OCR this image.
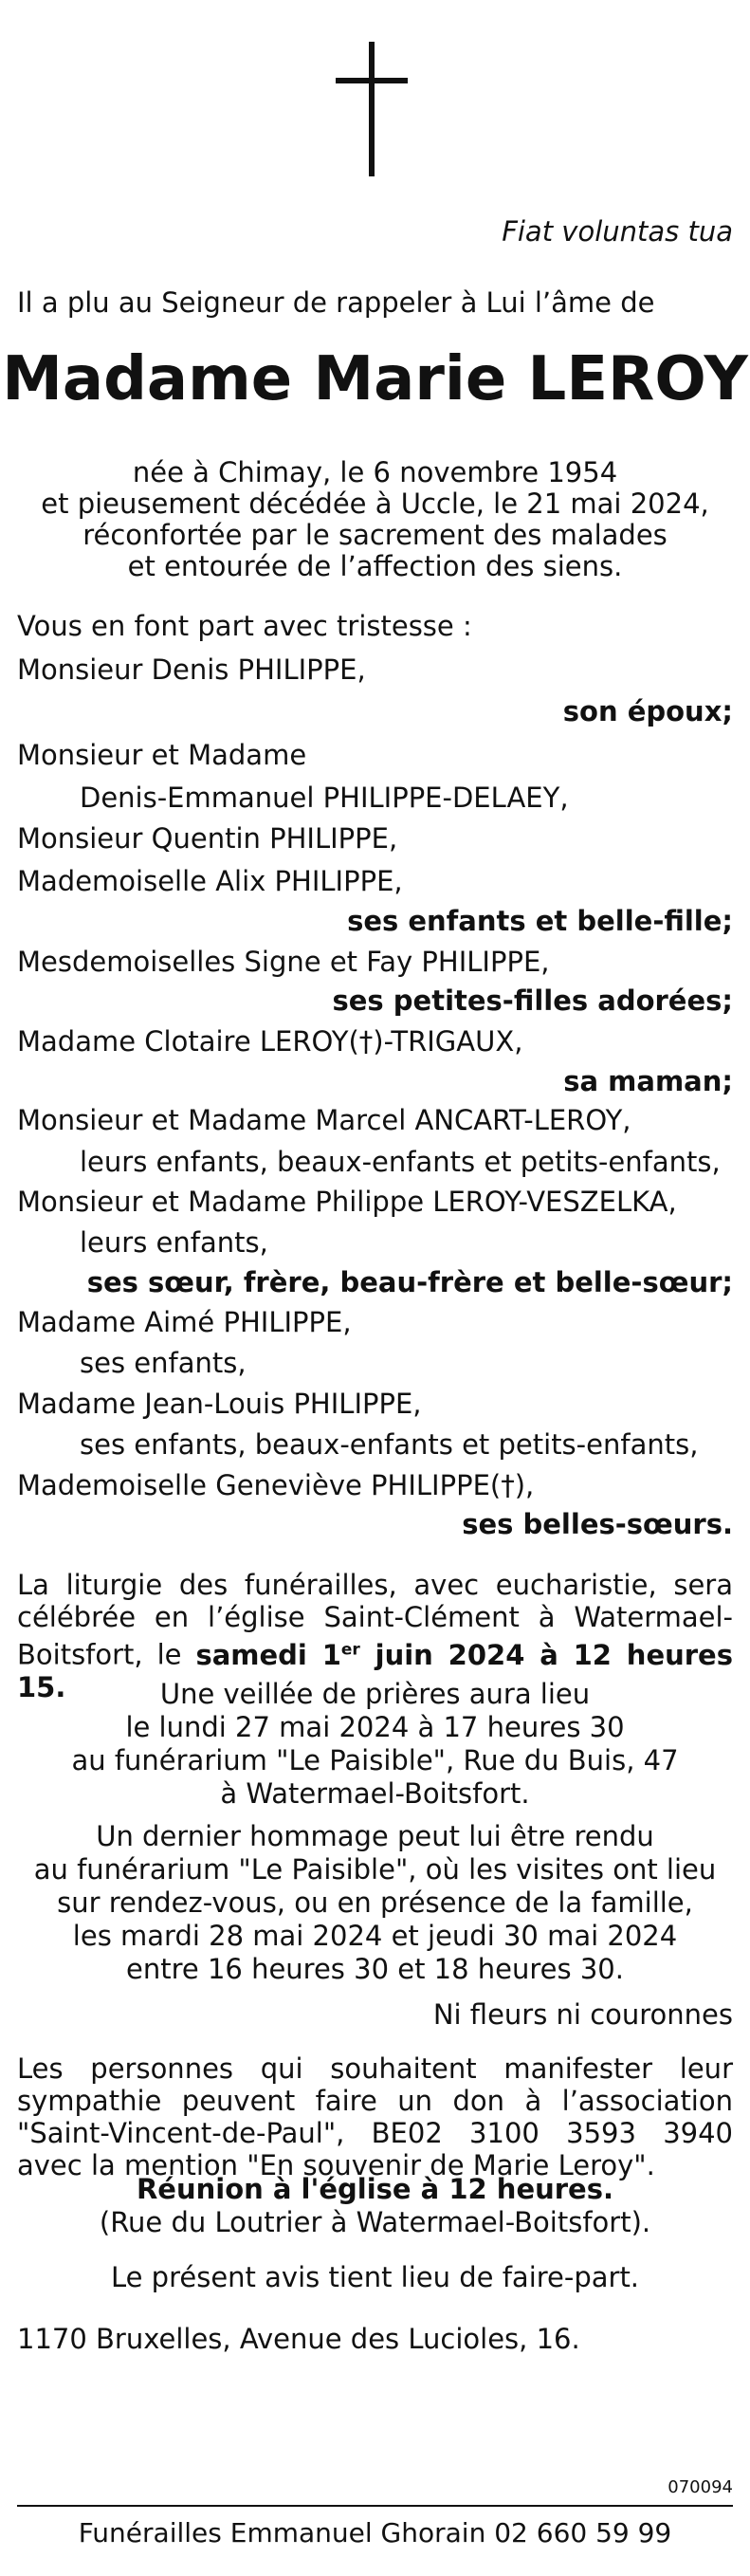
Fiat voluntas tua
Il a plu au Seigneur de rappeler à Lui l’âme de
Madame Marie LEROY
née à Chimay, le 6 novembre 1954
et pieusement décédée à Uccle, le 21 mai 2024,
réconfortée par le sacrement des malades
et entourée de l’affection des siens.
Vous en font part avec tristesse :
Monsieur Denis PHILIPPE,
son époux;
Monsieur et Madame
Denis-Emmanuel PHILIPPE-DELAEY,
Monsieur Quentin PHILIPPE,
Mademoiselle Alix PHILIPPE,
ses enfants et belle-fille;
Mesdemoiselles Signe et Fay PHILIPPE,
ses petites-filles adorées;
Madame Clotaire LEROY(†)-TRIGAUX,
sa maman;
Monsieur et Madame Marcel ANCART-LEROY,
leurs enfants, beaux-enfants et petits-enfants,
Monsieur et Madame Philippe LEROY-VESZELKA,
leurs enfants,
ses sœur, frère, beau-frère et belle-sœur;
Madame Aimé PHILIPPE,
ses enfants,
Madame Jean-Louis PHILIPPE,
ses enfants, beaux-enfants et petits-enfants,
Mademoiselle Geneviève PHILIPPE(†),
ses belles-sœurs.
La liturgie des funérailles, avec eucharistie, sera célébrée en l’église Saint-Clément à Watermael-Boitsfort, le samedi 1er juin 2024 à 12 heures 15.	Une veillée de prières aura lieu
le lundi 27 mai 2024 à 17 heures 30
au funérarium "Le Paisible", Rue du Buis, 47
à Watermael-Boitsfort.
Un dernier hommage peut lui être rendu
au funérarium "Le Paisible", où les visites ont lieu
sur rendez-vous, ou en présence de la famille,
les mardi 28 mai 2024 et jeudi 30 mai 2024
entre 16 heures 30 et 18 heures 30.
Ni fleurs ni couronnes
Les personnes qui souhaitent manifester leur sympathie peuvent faire un don à l’association "Saint-Vincent-de-Paul", BE02 3100 3593 3940 avec la mention "En souvenir de Marie Leroy".
Réunion à l'église à 12 heures.
(Rue du Loutrier à Watermael-Boitsfort).
Le présent avis tient lieu de faire-part.
1170 Bruxelles, Avenue des Lucioles, 16.
070094
Funérailles Emmanuel Ghorain 02 660 59 99
